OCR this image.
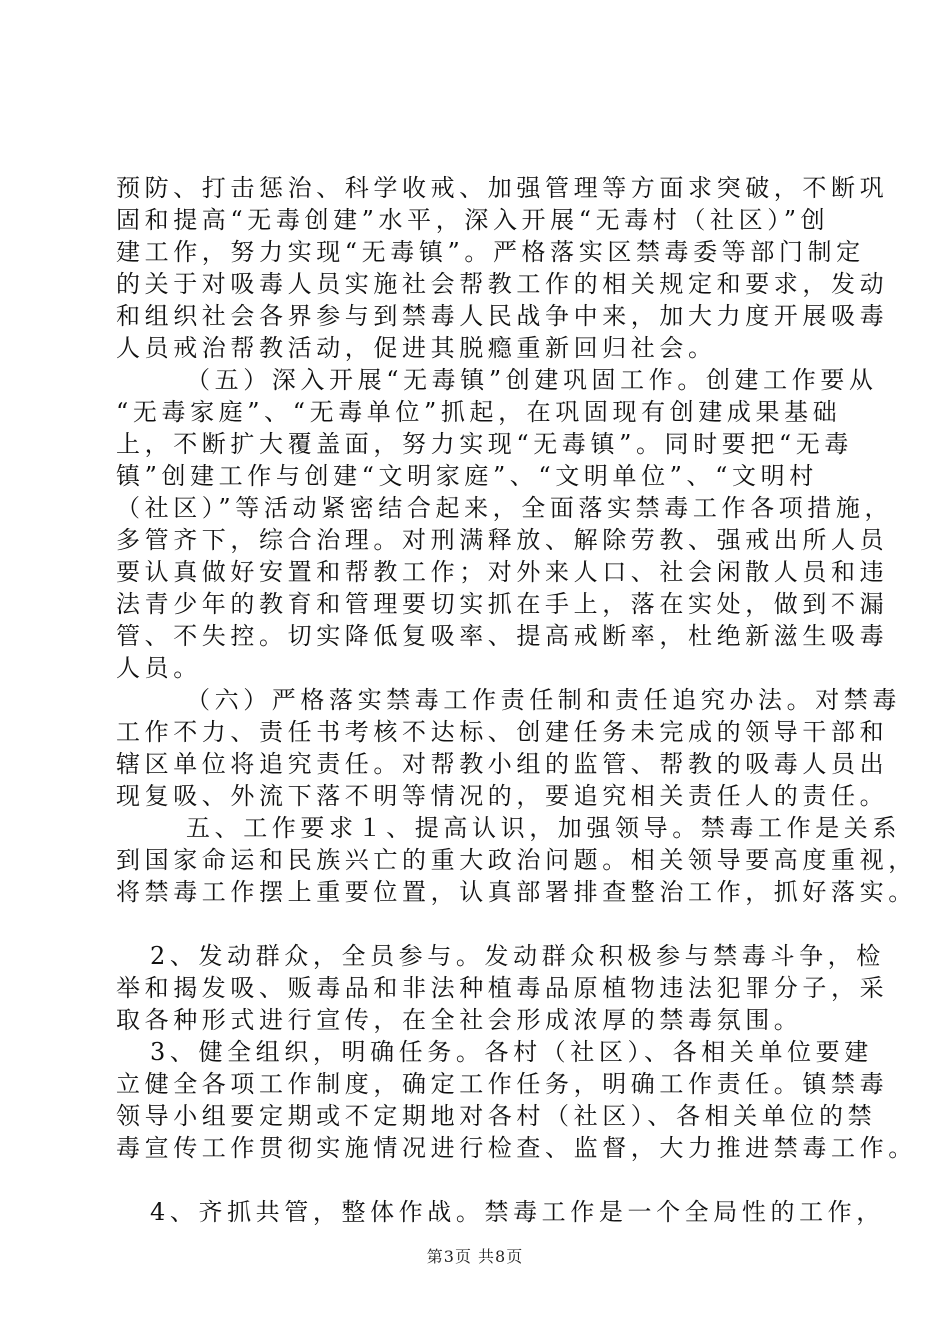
预防、打击惩治、科学收戒、加强管理等方面求突破，不断巩
固和提高“无毒创建”水平，深入开展“无毒村（社区）”创
建工作，努力实现“无毒镇”。严格落实区禁毒委等部门制定
的关于对吸毒人员实施社会帮教工作的相关规定和要求，发动
和组织社会各界参与到禁毒人民战争中来，加大力度开展吸毒
人员戒治帮教活动，促进其脱瘾重新回归社会。
（五）深入开展“无毒镇”创建巩固工作。创建工作要从
“无毒家庭”、“无毒单位”抓起，在巩固现有创建成果基础
上，不断扩大覆盖面，努力实现“无毒镇”。同时要把“无毒
镇”创建工作与创建“文明家庭”、“文明单位”、“文明村
（社区）”等活动紧密结合起来，全面落实禁毒工作各项措施，
多管齐下，综合治理。对刑满释放、解除劳教、强戒出所人员
要认真做好安置和帮教工作；对外来人口、社会闲散人员和违
法青少年的教育和管理要切实抓在手上，落在实处，做到不漏
管、不失控。切实降低复吸率、提高戒断率，杜绝新滋生吸毒
人员。
（六）严格落实禁毒工作责任制和责任追究办法。对禁毒
工作不力、责任书考核不达标、创建任务未完成的领导干部和
辖区单位将追究责任。对帮教小组的监管、帮教的吸毒人员出
现复吸、外流下落不明等情况的，要追究相关责任人的责任。
五、工作要求１、提高认识，加强领导。禁毒工作是关系
到国家命运和民族兴亡的重大政治问题。相关领导要高度重视，
将禁毒工作摆上重要位置，认真部署排查整治工作，抓好落实。
2、发动群众，全员参与。发动群众积极参与禁毒斗争，检
举和揭发吸、贩毒品和非法种植毒品原植物违法犯罪分子，采
取各种形式进行宣传，在全社会形成浓厚的禁毒氛围。
3、健全组织，明确任务。各村（社区）、各相关单位要建
立健全各项工作制度，确定工作任务，明确工作责任。镇禁毒
领导小组要定期或不定期地对各村（社区）、各相关单位的禁
毒宣传工作贯彻实施情况进行检查、监督，大力推进禁毒工作。
4、齐抓共管，整体作战。禁毒工作是一个全局性的工作，
第3页 共8页
